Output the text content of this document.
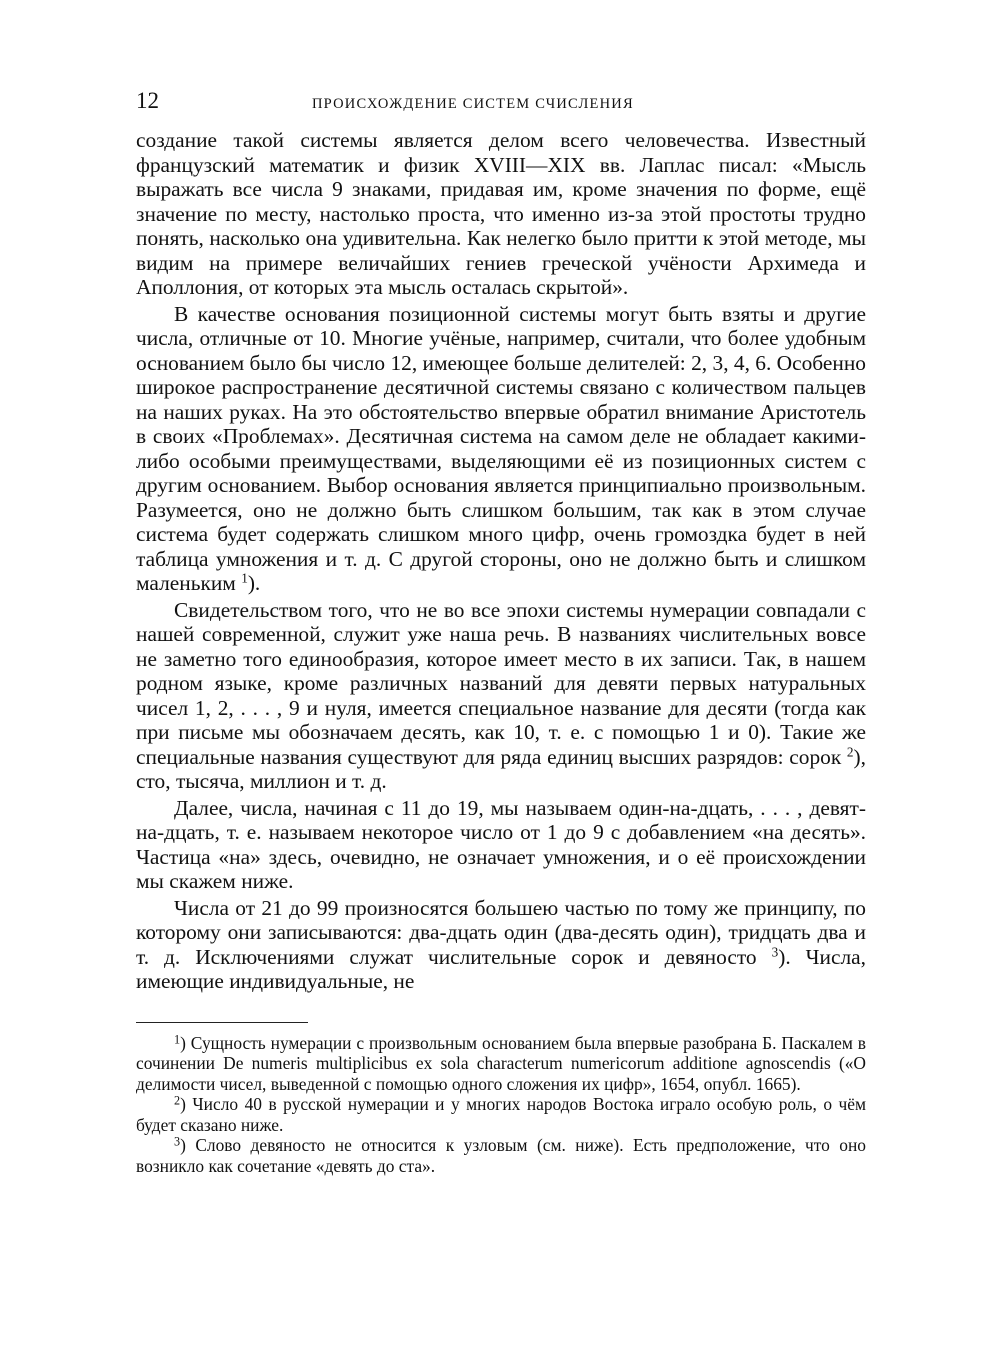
12	ПРОИСХОЖДЕНИЕ СИСТЕМ СЧИСЛЕНИЯ

создание такой системы является делом всего человечества. Известный французский математик и физик XVIII—XIX вв. Лаплас писал: «Мысль выражать все числа 9 знаками, придавая им, кроме значения по форме, ещё значение по месту, настолько проста, что именно из-за этой простоты трудно понять, насколько она удивительна. Как нелегко было притти к этой методе, мы видим на примере величайших гениев греческой учёности Архимеда и Аполлония, от которых эта мысль осталась скрытой».

В качестве основания позиционной системы могут быть взяты и другие числа, отличные от 10. Многие учёные, например, считали, что более удобным основанием было бы число 12, имеющее больше делителей: 2, 3, 4, 6. Особенно широкое распространение десятичной системы связано с количеством пальцев на наших руках. На это обстоятельство впервые обратил внимание Аристотель в своих «Проблемах». Десятичная система на самом деле не обладает какими-либо особыми преимуществами, выделяющими её из позиционных систем с другим основанием. Выбор основания является принципиально произвольным. Разумеется, оно не должно быть слишком большим, так как в этом случае система будет содержать слишком много цифр, очень громоздка будет в ней таблица умножения и т. д. С другой стороны, оно не должно быть и слишком маленьким $^1$).

Свидетельством того, что не во все эпохи системы нумерации совпадали с нашей современной, служит уже наша речь. В названиях числительных вовсе не заметно того единообразия, которое имеет место в их записи. Так, в нашем родном языке, кроме различных названий для девяти первых натуральных чисел 1, 2, . . . , 9 и нуля, имеется специальное название для десяти (тогда как при письме мы обозначаем десять, как 10, т. е. с помощью 1 и 0). Такие же специальные названия существуют для ряда единиц высших разрядов: сорок $^2$), сто, тысяча, миллион и т. д.

Далее, числа, начиная с 11 до 19, мы называем один-на-дцать, . . . , девят-на-дцать, т. е. называем некоторое число от 1 до 9 с добавлением «на десять». Частица «на» здесь, очевидно, не означает умножения, и о её происхождении мы скажем ниже.

Числа от 21 до 99 произносятся большею частью по тому же принципу, по которому они записываются: два-дцать один (два-десять один), тридцать два и т. д. Исключениями служат числительные сорок и девяносто $^3$). Числа, имеющие индивидуальные, не

$^1$) Сущность нумерации с произвольным основанием была впервые разобрана Б. Паскалем в сочинении De numeris multiplicibus ex sola characterum numericorum additione agnoscendis («О делимости чисел, выведенной с помощью одного сложения их цифр», 1654, опубл. 1665).

$^2$) Число 40 в русской нумерации и у многих народов Востока играло особую роль, о чём будет сказано ниже.

$^3$) Слово девяносто не относится к узловым (см. ниже). Есть предположение, что оно возникло как сочетание «девять до ста».
